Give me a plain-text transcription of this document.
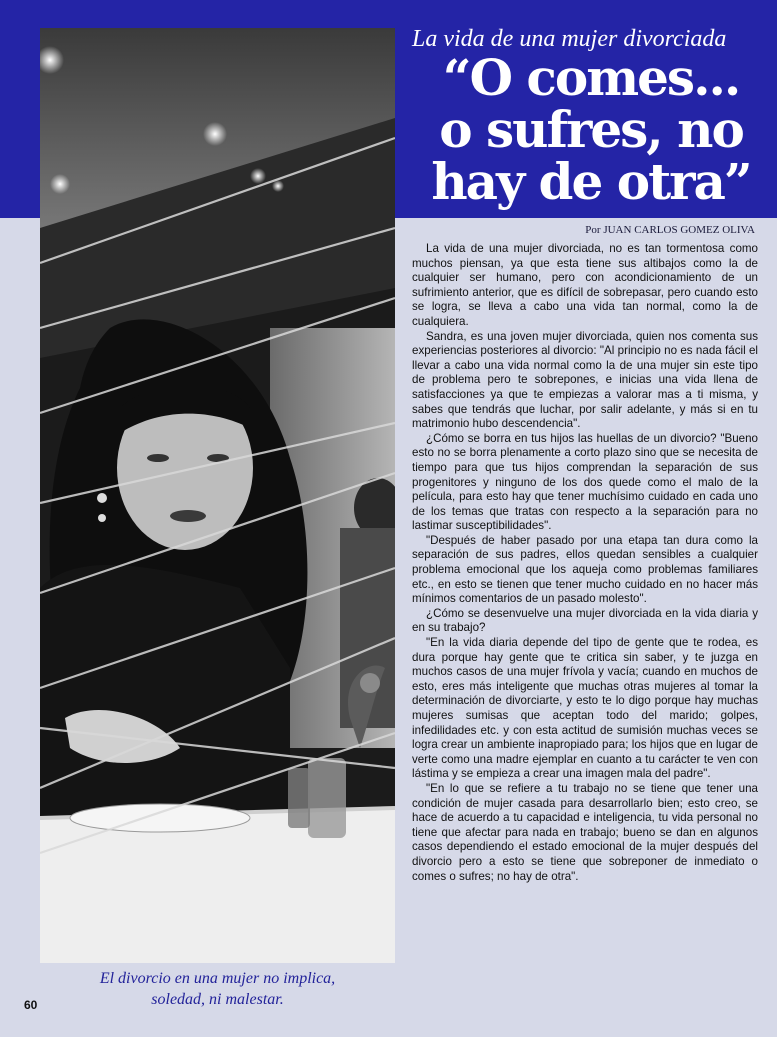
La vida de una mujer divorciada
“O comes...
o sufres, no
hay de otra”
Por JUAN CARLOS GOMEZ OLIVA

La vida de una mujer divorciada, no es tan tormentosa como muchos piensan, ya que esta tiene sus altibajos como la de cualquier ser humano, pero con acondicionamiento de un sufrimiento anterior, que es difícil de sobrepasar, pero cuando esto se logra, se lleva a cabo una vida tan normal, como la de cualquiera.

Sandra, es una joven mujer divorciada, quien nos comenta sus experiencias posteriores al divorcio: "Al principio no es nada fácil el llevar a cabo una vida normal como la de una mujer sin este tipo de problema pero te sobrepones, e inicias una vida llena de satisfacciones ya que te empiezas a valorar mas a ti misma, y sabes que tendrás que luchar, por salir adelante, y más si en tu matrimonio hubo descendencia".

¿Cómo se borra en tus hijos las huellas de un divorcio? "Bueno esto no se borra plenamente a corto plazo sino que se necesita de tiempo para que tus hijos comprendan la separación de sus progenitores y ninguno de los dos quede como el malo de la película, para esto hay que tener muchísimo cuidado en cada uno de los temas que tratas con respecto a la separación para no lastimar susceptibilidades".

"Después de haber pasado por una etapa tan dura como la separación de sus padres, ellos quedan sensibles a cualquier problema emocional que los aqueja como problemas familiares etc., en esto se tienen que tener mucho cuidado en no hacer más mínimos comentarios de un pasado molesto".

¿Cómo se desenvuelve una mujer divorciada en la vida diaria y en su trabajo?

"En la vida diaria depende del tipo de gente que te rodea, es dura porque hay gente que te critica sin saber, y te juzga en muchos casos de una mujer frívola y vacía; cuando en muchos de esto, eres más inteligente que muchas otras mujeres al tomar la determinación de divorciarte, y esto te lo digo porque hay muchas mujeres sumisas que aceptan todo del marido; golpes, infedilidades etc. y con esta actitud de sumisión muchas veces se logra crear un ambiente inapropiado para; los hijos que en lugar de verte como una madre ejemplar en cuanto a tu carácter te ven con lástima y se empieza a crear una imagen mala del padre".

"En lo que se refiere a tu trabajo no se tiene que tener una condición de mujer casada para desarrollarlo bien; esto creo, se hace de acuerdo a tu capacidad e inteligencia, tu vida personal no tiene que afectar para nada en trabajo; bueno se dan en algunos casos dependiendo el estado emocional de la mujer después del divorcio pero a esto se tiene que sobreponer de inmediato o comes o sufres; no hay de otra".

El divorcio en una mujer no implica,
soledad, ni malestar.
60
